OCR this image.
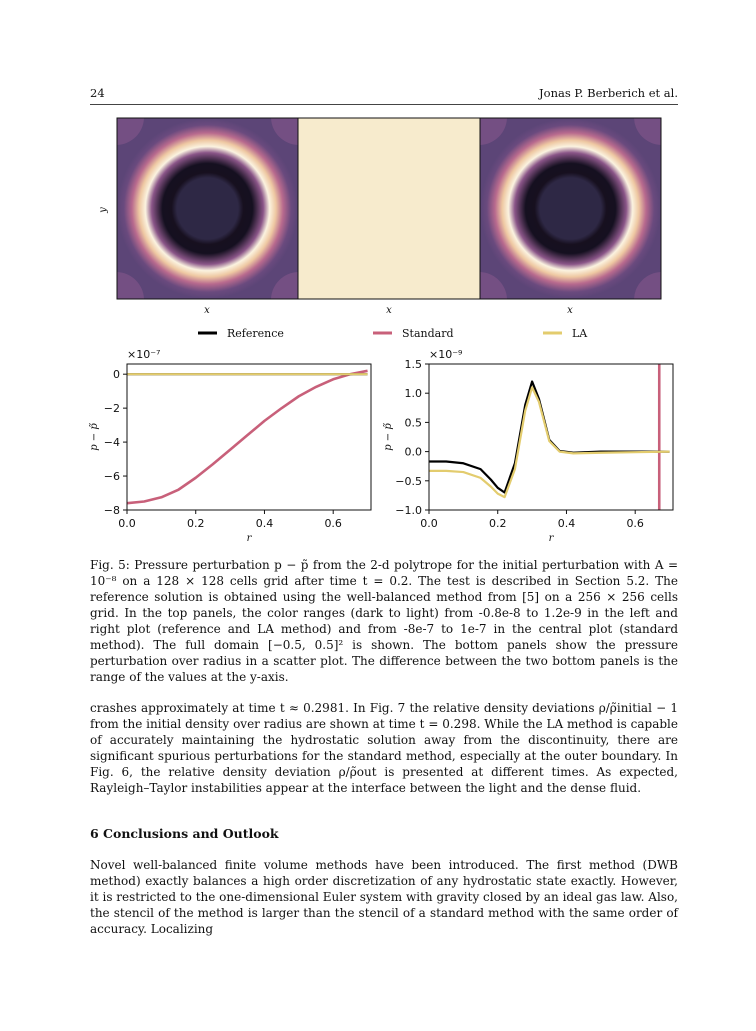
24	Jonas P. Berberich et al.
y
x	x	x
Reference	Standard	LA
×10⁻⁷
0.0	0.2	0.4	0.6
0
−2
−4
−6
−8
r
p − p̃
×10⁻⁹
0.0	0.2	0.4	0.6
1.5
1.0
0.5
0.0
−0.5
−1.0
r
p − p̃
Fig. 5: Pressure perturbation p − p̃ from the 2-d polytrope for the initial perturbation with A = 10⁻⁸ on a 128 × 128 cells grid after time t = 0.2. The test is described in Section 5.2. The reference solution is obtained using the well-balanced method from [5] on a 256 × 256 cells grid. In the top panels, the color ranges (dark to light) from -0.8e-8 to 1.2e-9 in the left and right plot (reference and LA method) and from -8e-7 to 1e-7 in the central plot (standard method). The full domain [−0.5, 0.5]² is shown. The bottom panels show the pressure perturbation over radius in a scatter plot. The difference between the two bottom panels is the range of the values at the y-axis.

crashes approximately at time t ≈ 0.2981. In Fig. 7 the relative density deviations ρ/ρ̃initial − 1 from the initial density over radius are shown at time t = 0.298. While the LA method is capable of accurately maintaining the hydrostatic solution away from the discontinuity, there are significant spurious perturbations for the standard method, especially at the outer boundary. In Fig. 6, the relative density deviation ρ/ρ̃out is presented at different times. As expected, Rayleigh–Taylor instabilities appear at the interface between the light and the dense fluid.

6 Conclusions and Outlook

Novel well-balanced finite volume methods have been introduced. The first method (DWB method) exactly balances a high order discretization of any hydrostatic state exactly. However, it is restricted to the one-dimensional Euler system with gravity closed by an ideal gas law. Also, the stencil of the method is larger than the stencil of a standard method with the same order of accuracy. Localizing
